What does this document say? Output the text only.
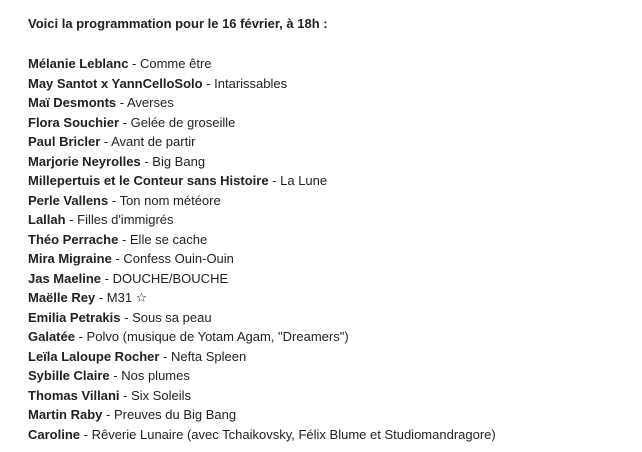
Voici la programmation pour le 16 février, à 18h :

Mélanie Leblanc - Comme être
May Santot x YannCelloSolo - Intarissables
Maï Desmonts - Averses
Flora Souchier - Gelée de groseille
Paul Bricler - Avant de partir
Marjorie Neyrolles - Big Bang
Millepertuis et le Conteur sans Histoire - La Lune
Perle Vallens - Ton nom météore
Lallah - Filles d'immigrés
Théo Perrache - Elle se cache
Mira Migraine - Confess Ouin-Ouin
Jas Maeline - DOUCHE/BOUCHE
Maëlle Rey - M31 ☆
Emilia Petrakis - Sous sa peau
Galatée - Polvo (musique de Yotam Agam, "Dreamers")
Leïla Laloupe Rocher - Nefta Spleen
Sybille Claire - Nos plumes
Thomas Villani - Six Soleils
Martin Raby - Preuves du Big Bang
Caroline - Rêverie Lunaire (avec Tchaikovsky, Félix Blume et Studiomandragore)
